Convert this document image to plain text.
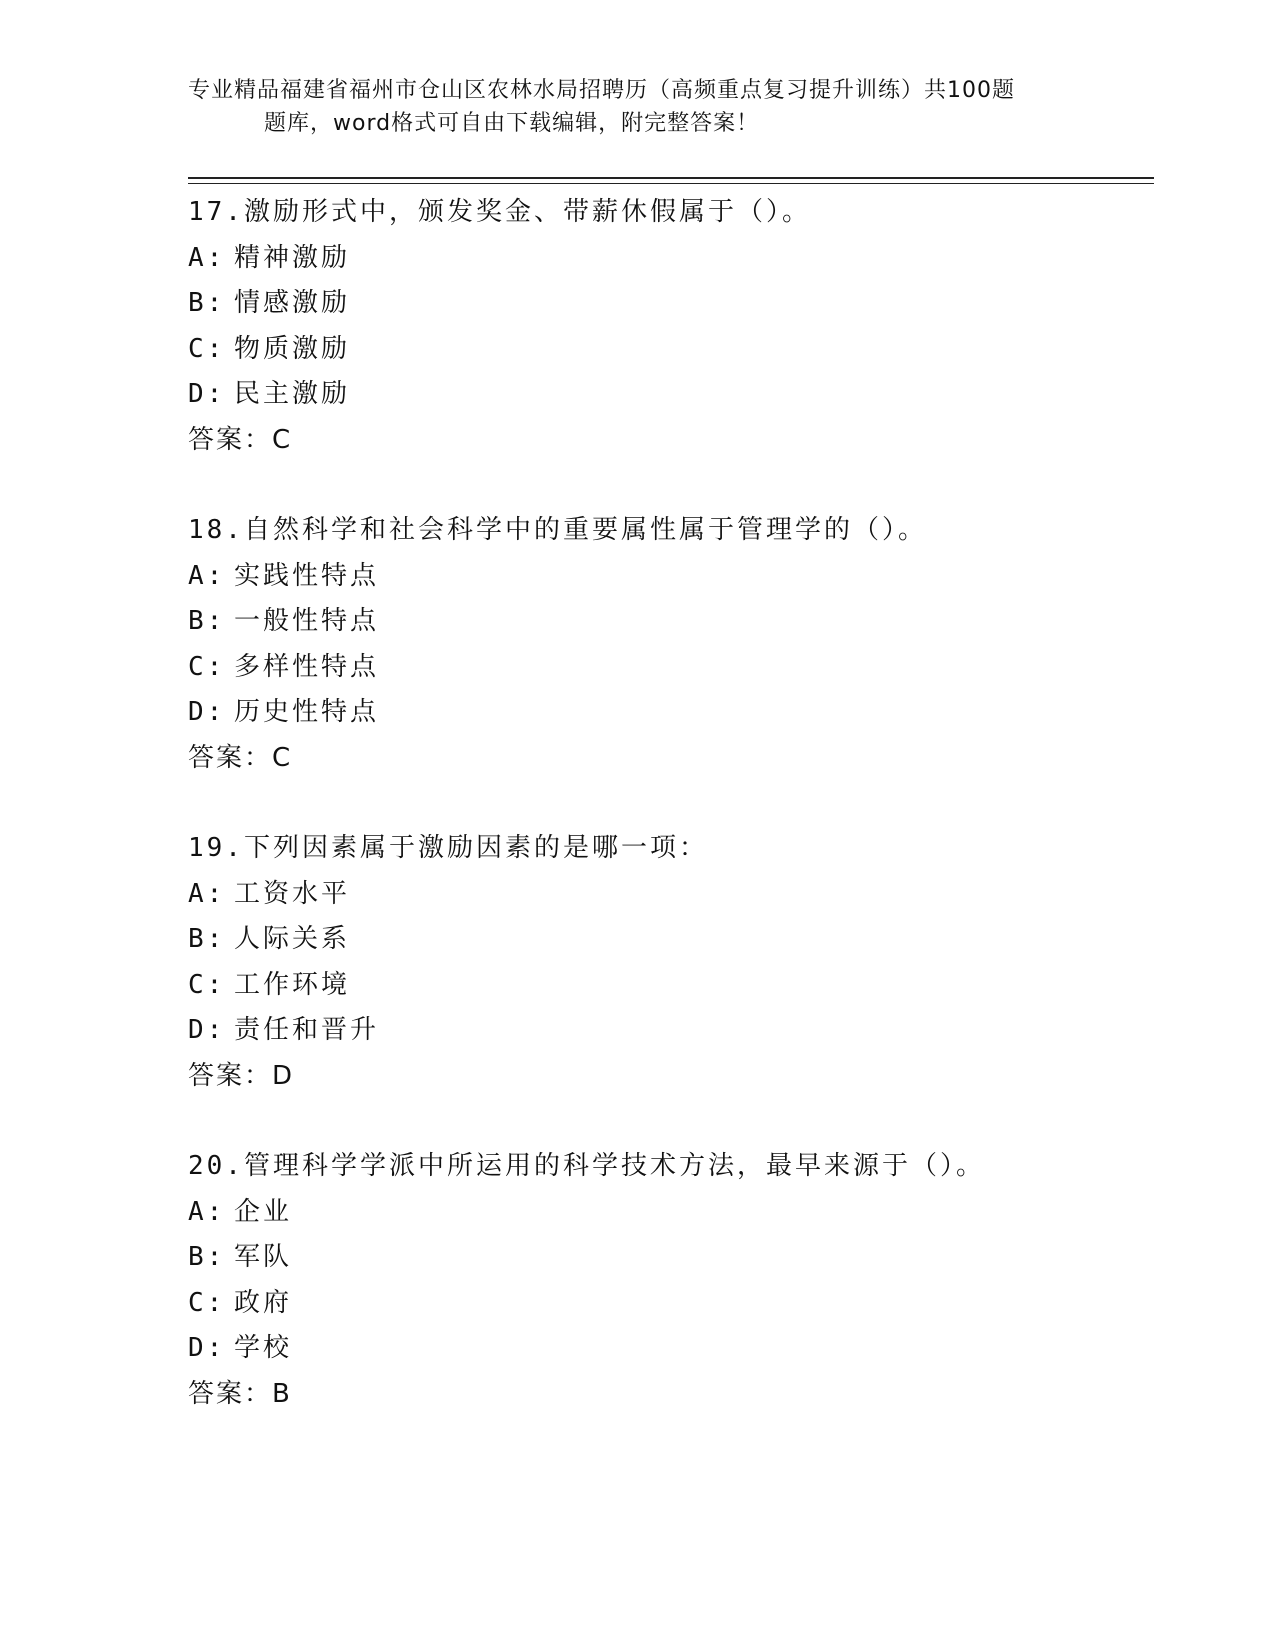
专业精品福建省福州市仓山区农林水局招聘历（高频重点复习提升训练）共100题
题库，word格式可自由下载编辑，附完整答案！
17.激励形式中，颁发奖金、带薪休假属于（）。
A: 精神激励
B: 情感激励
C: 物质激励
D: 民主激励
答案：C
18.自然科学和社会科学中的重要属性属于管理学的（）。
A: 实践性特点
B: 一般性特点
C: 多样性特点
D: 历史性特点
答案：C
19.下列因素属于激励因素的是哪一项：
A: 工资水平
B: 人际关系
C: 工作环境
D: 责任和晋升
答案：D
20.管理科学学派中所运用的科学技术方法，最早来源于（）。
A: 企业
B: 军队
C: 政府
D: 学校
答案：B
